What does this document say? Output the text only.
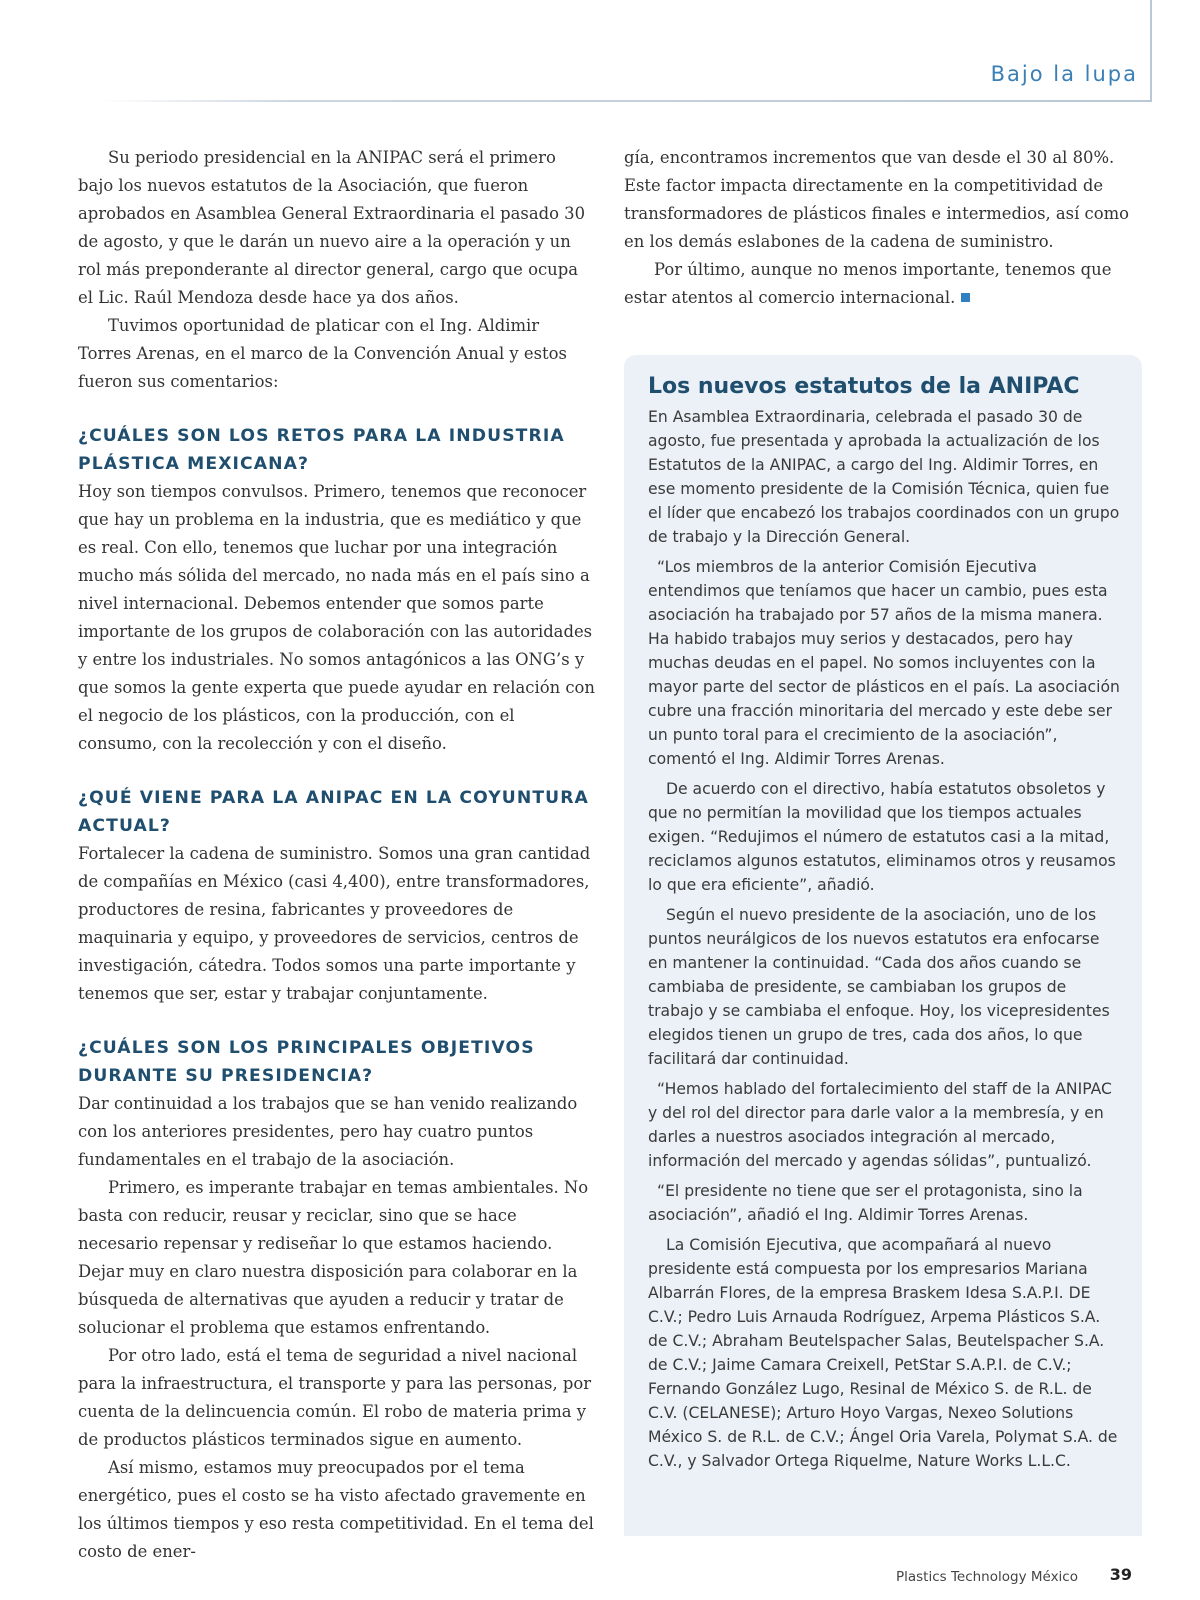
Bajo la lupa

Su periodo presidencial en la ANIPAC será el primero bajo los nuevos estatutos de la Asociación, que fueron aprobados en Asamblea General Extraordinaria el pasado 30 de agosto, y que le darán un nuevo aire a la operación y un rol más preponderante al director general, cargo que ocupa el Lic. Raúl Mendoza desde hace ya dos años.

Tuvimos oportunidad de platicar con el Ing. Aldimir Torres Arenas, en el marco de la Convención Anual y estos fueron sus comentarios:

¿CUÁLES SON LOS RETOS PARA LA INDUSTRIA PLÁSTICA MEXICANA?

Hoy son tiempos convulsos. Primero, tenemos que reconocer que hay un problema en la industria, que es mediático y que es real. Con ello, tenemos que luchar por una integración mucho más sólida del mercado, no nada más en el país sino a nivel internacional. Debemos entender que somos parte importante de los grupos de colaboración con las autoridades y entre los industriales. No somos antagónicos a las ONG’s y que somos la gente experta que puede ayudar en relación con el negocio de los plásticos, con la producción, con el consumo, con la recolección y con el diseño.

¿QUÉ VIENE PARA LA ANIPAC EN LA COYUNTURA ACTUAL?

Fortalecer la cadena de suministro. Somos una gran cantidad de compañías en México (casi 4,400), entre transformadores, productores de resina, fabricantes y proveedores de maquinaria y equipo, y proveedores de servicios, centros de investigación, cátedra. Todos somos una parte importante y tenemos que ser, estar y trabajar conjuntamente.

¿CUÁLES SON LOS PRINCIPALES OBJETIVOS DURANTE SU PRESIDENCIA?

Dar continuidad a los trabajos que se han venido realizando con los anteriores presidentes, pero hay cuatro puntos fundamentales en el trabajo de la asociación.

Primero, es imperante trabajar en temas ambientales. No basta con reducir, reusar y reciclar, sino que se hace necesario repensar y rediseñar lo que estamos haciendo. Dejar muy en claro nuestra disposición para colaborar en la búsqueda de alternativas que ayuden a reducir y tratar de solucionar el problema que estamos enfrentando.

Por otro lado, está el tema de seguridad a nivel nacional para la infraestructura, el transporte y para las personas, por cuenta de la delincuencia común. El robo de materia prima y de productos plásticos terminados sigue en aumento.

Así mismo, estamos muy preocupados por el tema energético, pues el costo se ha visto afectado gravemente en los últimos tiempos y eso resta competitividad. En el tema del costo de ener-

gía, encontramos incrementos que van desde el 30 al 80%. Este factor impacta directamente en la competitividad de transformadores de plásticos finales e intermedios, así como en los demás eslabones de la cadena de suministro.

Por último, aunque no menos importante, tenemos que estar atentos al comercio internacional.

Los nuevos estatutos de la ANIPAC

En Asamblea Extraordinaria, celebrada el pasado 30 de agosto, fue presentada y aprobada la actualización de los Estatutos de la ANIPAC, a cargo del Ing. Aldimir Torres, en ese momento presidente de la Comisión Técnica, quien fue el líder que encabezó los trabajos coordinados con un grupo de trabajo y la Dirección General.

“Los miembros de la anterior Comisión Ejecutiva entendimos que teníamos que hacer un cambio, pues esta asociación ha trabajado por 57 años de la misma manera. Ha habido trabajos muy serios y destacados, pero hay muchas deudas en el papel. No somos incluyentes con la mayor parte del sector de plásticos en el país. La asociación cubre una fracción minoritaria del mercado y este debe ser un punto toral para el crecimiento de la asociación”, comentó el Ing. Aldimir Torres Arenas.

De acuerdo con el directivo, había estatutos obsoletos y que no permitían la movilidad que los tiempos actuales exigen. “Redujimos el número de estatutos casi a la mitad, reciclamos algunos estatutos, eliminamos otros y reusamos lo que era eficiente”, añadió.

Según el nuevo presidente de la asociación, uno de los puntos neurálgicos de los nuevos estatutos era enfocarse en mantener la continuidad. “Cada dos años cuando se cambiaba de presidente, se cambiaban los grupos de trabajo y se cambiaba el enfoque. Hoy, los vicepresidentes elegidos tienen un grupo de tres, cada dos años, lo que facilitará dar continuidad.

“Hemos hablado del fortalecimiento del staff de la ANIPAC y del rol del director para darle valor a la membresía, y en darles a nuestros asociados integración al mercado, información del mercado y agendas sólidas”, puntualizó.

“El presidente no tiene que ser el protagonista, sino la asociación”, añadió el Ing. Aldimir Torres Arenas.

La Comisión Ejecutiva, que acompañará al nuevo presidente está compuesta por los empresarios Mariana Albarrán Flores, de la empresa Braskem Idesa S.A.P.I. DE C.V.; Pedro Luis Arnauda Rodríguez, Arpema Plásticos S.A. de C.V.; Abraham Beutelspacher Salas, Beutelspacher S.A. de C.V.; Jaime Camara Creixell, PetStar S.A.P.I. de C.V.; Fernando González Lugo, Resinal de México S. de R.L. de C.V. (CELANESE); Arturo Hoyo Vargas, Nexeo Solutions México S. de R.L. de C.V.; Ángel Oria Varela, Polymat S.A. de C.V., y Salvador Ortega Riquelme, Nature Works L.L.C.

Plastics Technology México 39
